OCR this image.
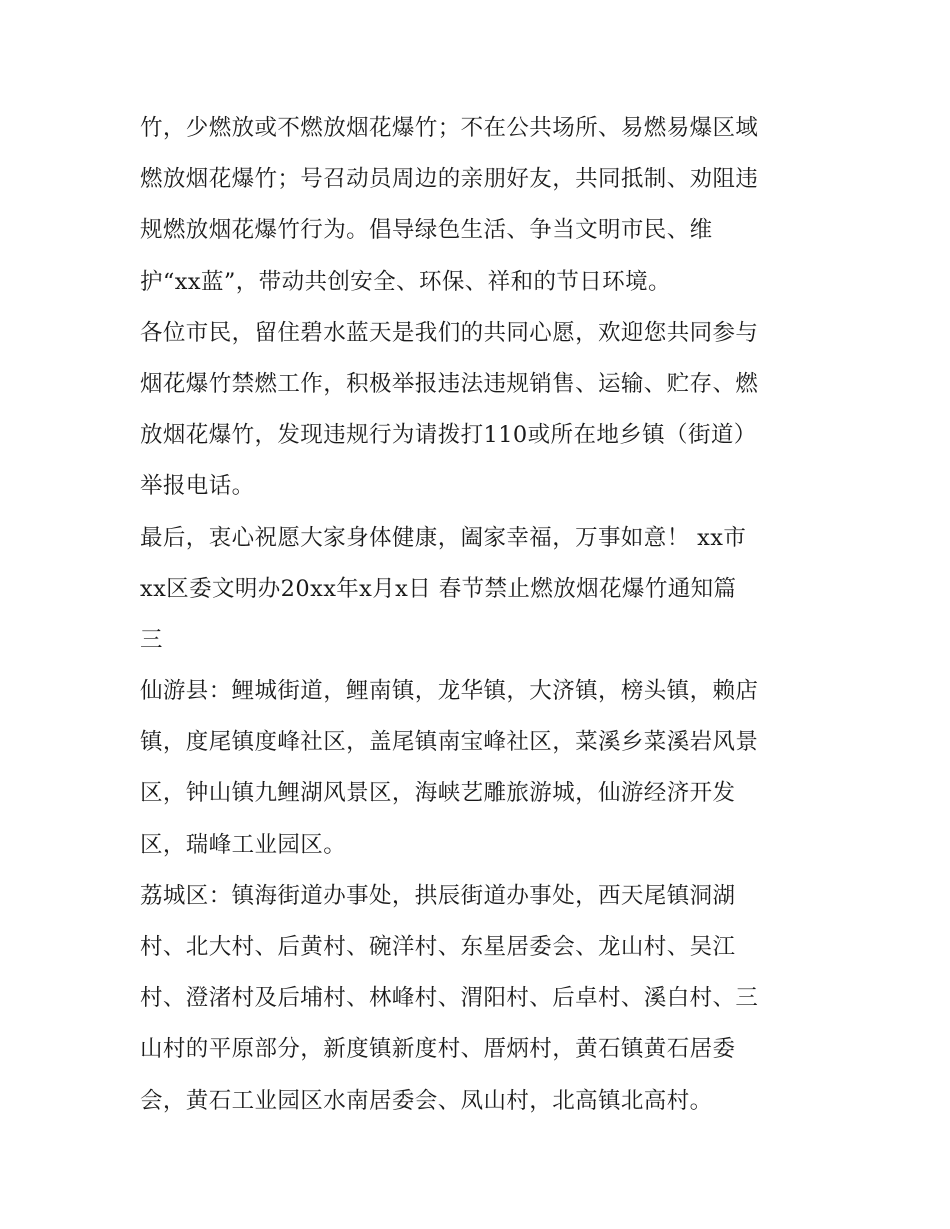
竹，少燃放或不燃放烟花爆竹；不在公共场所、易燃易爆区域
燃放烟花爆竹；号召动员周边的亲朋好友，共同抵制、劝阻违
规燃放烟花爆竹行为。倡导绿色生活、争当文明市民、维
护“xx蓝”，带动共创安全、环保、祥和的节日环境。
各位市民，留住碧水蓝天是我们的共同心愿，欢迎您共同参与
烟花爆竹禁燃工作，积极举报违法违规销售、运输、贮存、燃
放烟花爆竹，发现违规行为请拨打110或所在地乡镇（街道）
举报电话。
最后，衷心祝愿大家身体健康，阖家幸福，万事如意！ xx市
xx区委文明办20xx年x月x日 春节禁止燃放烟花爆竹通知篇
三
仙游县：鲤城街道，鲤南镇，龙华镇，大济镇，榜头镇，赖店
镇，度尾镇度峰社区，盖尾镇南宝峰社区，菜溪乡菜溪岩风景
区，钟山镇九鲤湖风景区，海峡艺雕旅游城，仙游经济开发
区，瑞峰工业园区。
荔城区：镇海街道办事处，拱辰街道办事处，西天尾镇洞湖
村、北大村、后黄村、碗洋村、东星居委会、龙山村、吴江
村、澄渚村及后埔村、林峰村、渭阳村、后卓村、溪白村、三
山村的平原部分，新度镇新度村、厝炳村，黄石镇黄石居委
会，黄石工业园区水南居委会、凤山村，北高镇北高村。
